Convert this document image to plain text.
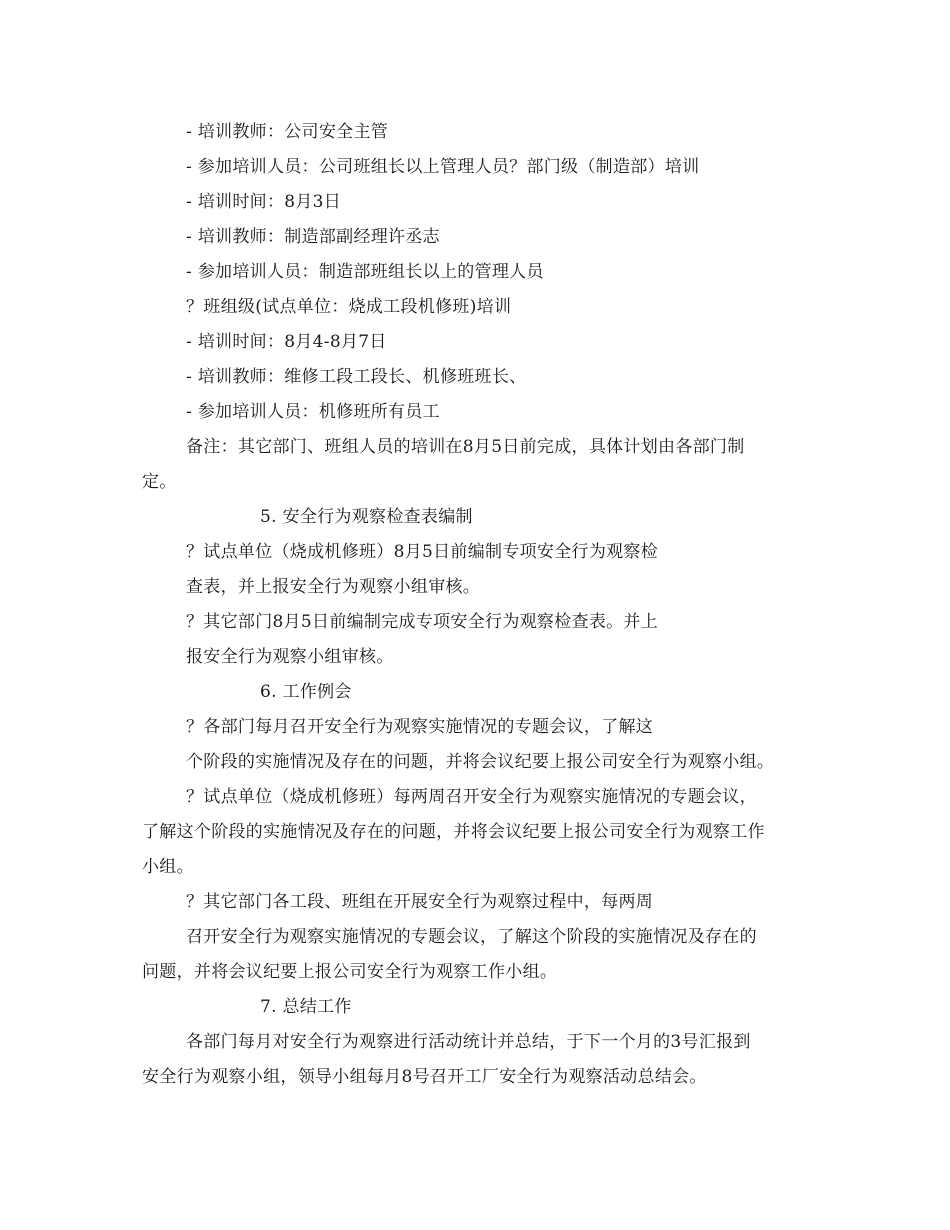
- 培训教师：公司安全主管
- 参加培训人员：公司班组长以上管理人员？部门级（制造部）培训
- 培训时间：8月3日
- 培训教师：制造部副经理许丞志
- 参加培训人员：制造部班组长以上的管理人员
？班组级(试点单位：烧成工段机修班)培训
- 培训时间：8月4-8月7日
- 培训教师：维修工段工段长、机修班班长、
- 参加培训人员：机修班所有员工
备注：其它部门、班组人员的培训在8月5日前完成，具体计划由各部门制
定。
5. 安全行为观察检查表编制
？试点单位（烧成机修班）8月5日前编制专项安全行为观察检
查表，并上报安全行为观察小组审核。
？其它部门8月5日前编制完成专项安全行为观察检查表。并上
报安全行为观察小组审核。
6. 工作例会
？各部门每月召开安全行为观察实施情况的专题会议，了解这
个阶段的实施情况及存在的问题，并将会议纪要上报公司安全行为观察小组。
？试点单位（烧成机修班）每两周召开安全行为观察实施情况的专题会议，
了解这个阶段的实施情况及存在的问题，并将会议纪要上报公司安全行为观察工作
小组。
？其它部门各工段、班组在开展安全行为观察过程中，每两周
召开安全行为观察实施情况的专题会议，了解这个阶段的实施情况及存在的
问题，并将会议纪要上报公司安全行为观察工作小组。
7. 总结工作
各部门每月对安全行为观察进行活动统计并总结，于下一个月的3号汇报到
安全行为观察小组，领导小组每月8号召开工厂安全行为观察活动总结会。
